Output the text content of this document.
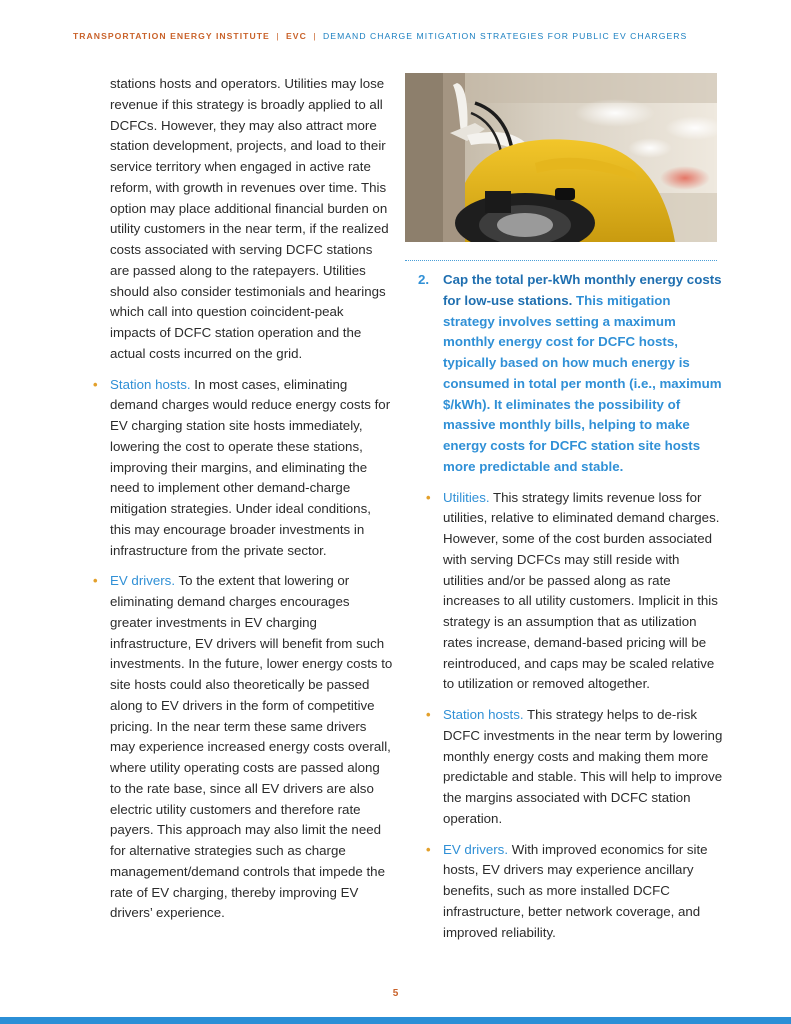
TRANSPORTATION ENERGY INSTITUTE | EVC | DEMAND CHARGE MITIGATION STRATEGIES FOR PUBLIC EV CHARGERS

stations hosts and operators. Utilities may lose revenue if this strategy is broadly applied to all DCFCs. However, they may also attract more station development, projects, and load to their service territory when engaged in active rate reform, with growth in revenues over time. This option may place additional financial burden on utility customers in the near term, if the realized costs associated with serving DCFC stations are passed along to the ratepayers. Utilities should also consider testimonials and hearings which call into question coincident-peak impacts of DCFC station operation and the actual costs incurred on the grid.

• Station hosts. In most cases, eliminating demand charges would reduce energy costs for EV charging station site hosts immediately, lowering the cost to operate these stations, improving their margins, and eliminating the need to implement other demand-charge mitigation strategies. Under ideal conditions, this may encourage broader investments in infrastructure from the private sector.
• EV drivers. To the extent that lowering or eliminating demand charges encourages greater investments in EV charging infrastructure, EV drivers will benefit from such investments. In the future, lower energy costs to site hosts could also theoretically be passed along to EV drivers in the form of competitive pricing. In the near term these same drivers may experience increased energy costs overall, where utility operating costs are passed along to the rate base, since all EV drivers are also electric utility customers and therefore rate payers. This approach may also limit the need for alternative strategies such as charge management/demand controls that impede the rate of EV charging, thereby improving EV drivers’ experience.
2. Cap the total per-kWh monthly energy costs for low-use stations. This mitigation strategy involves setting a maximum monthly energy cost for DCFC hosts, typically based on how much energy is consumed in total per month (i.e., maximum $/kWh). It eliminates the possibility of massive monthly bills, helping to make energy costs for DCFC station site hosts more predictable and stable.
• Utilities. This strategy limits revenue loss for utilities, relative to eliminated demand charges. However, some of the cost burden associated with serving DCFCs may still reside with utilities and/or be passed along as rate increases to all utility customers. Implicit in this strategy is an assumption that as utilization rates increase, demand-based pricing will be reintroduced, and caps may be scaled relative to utilization or removed altogether.
• Station hosts. This strategy helps to de-risk DCFC investments in the near term by lowering monthly energy costs and making them more predictable and stable. This will help to improve the margins associated with DCFC station operation.
• EV drivers. With improved economics for site hosts, EV drivers may experience ancillary benefits, such as more installed DCFC infrastructure, better network coverage, and improved reliability.
5
